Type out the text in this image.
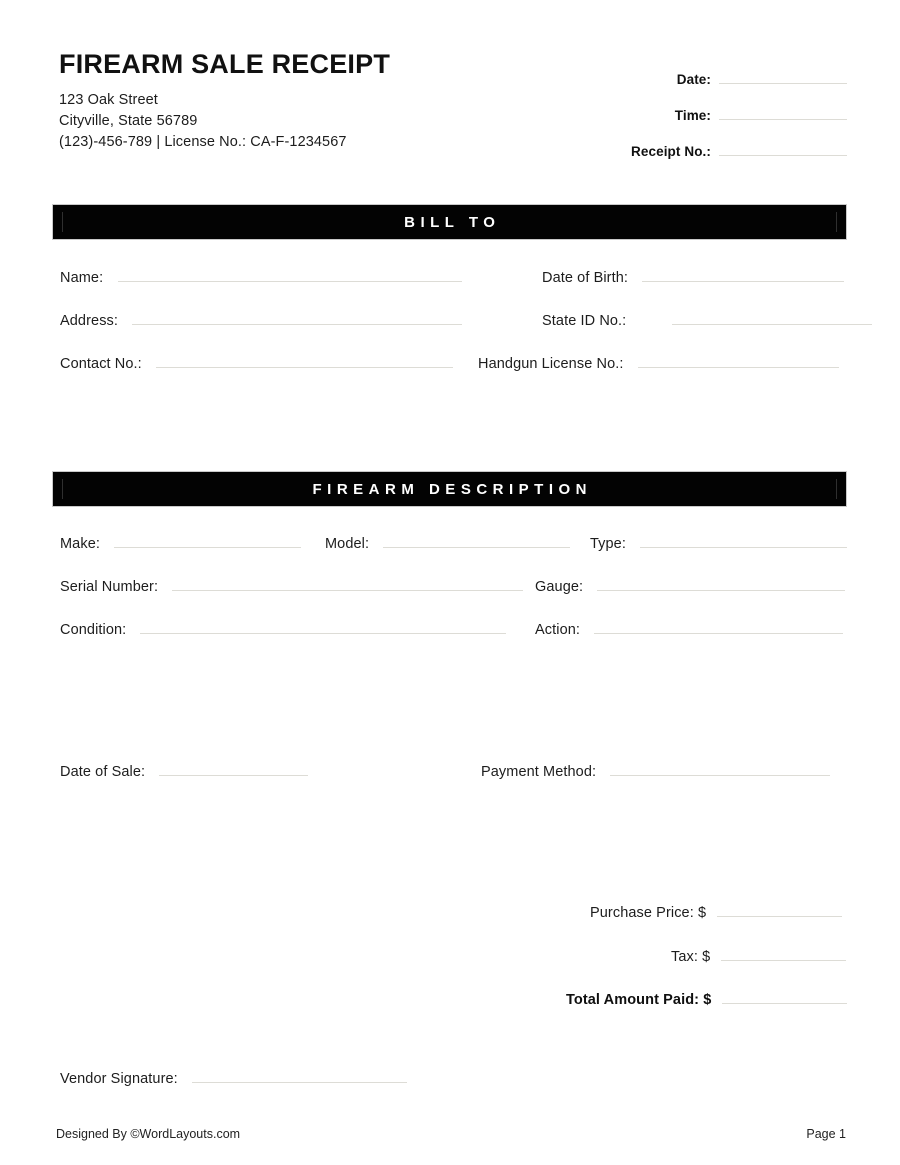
FIREARM SALE RECEIPT
123 Oak Street
Cityville, State 56789
(123)-456-789 | License No.: CA-F-1234567
Date:
Time:
Receipt No.:
BILL TO
Name:	Date of Birth:
Address:	State ID No.:
Contact No.:	Handgun License No.:
FIREARM DESCRIPTION
Make:	Model:	Type:
Serial Number:	Gauge:
Condition:	Action:
Date of Sale:	Payment Method:
Purchase Price: $
Tax: $
Total Amount Paid: $
Vendor Signature:
Designed By ©WordLayouts.com	Page 1
